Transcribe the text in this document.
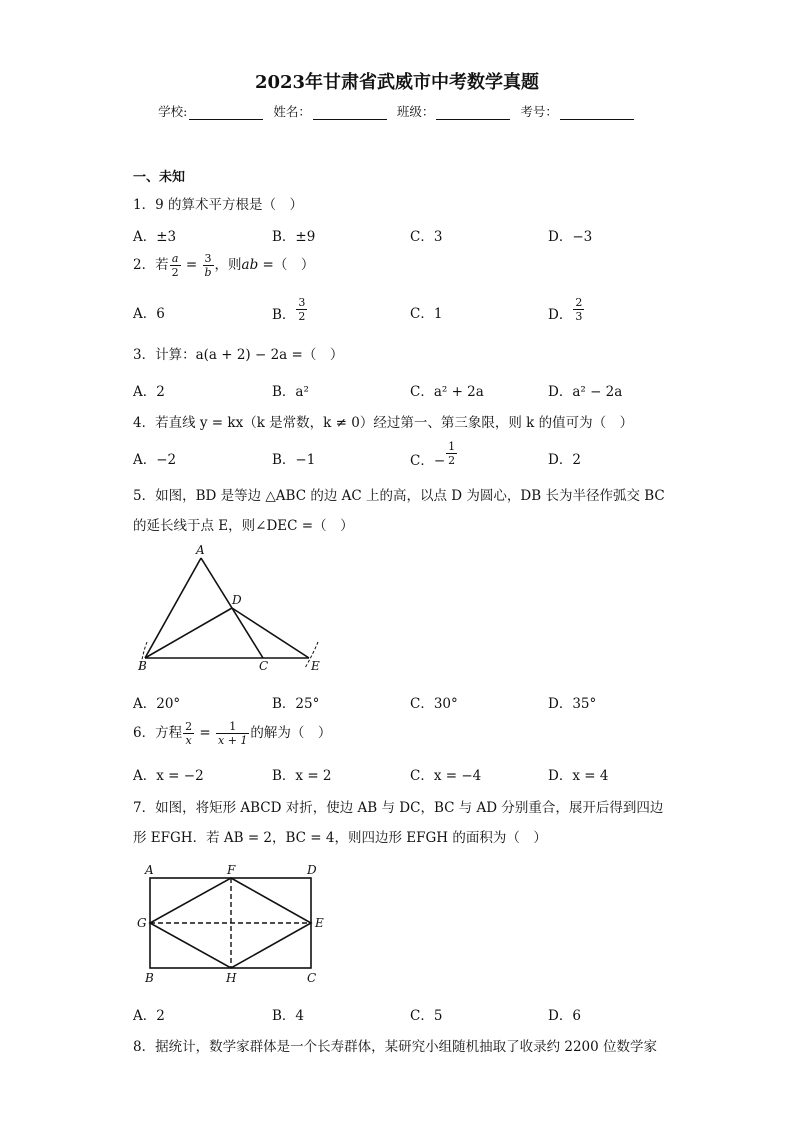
2023年甘肃省武威市中考数学真题
学校:	姓名：	班级：	考号：
一、未知
1．9 的算术平方根是（　）
A．±3	B．±9	C．3	D．−3
2．若 $\frac{a}{2} = \frac{3}{b}$ ，则ab =（　）
A．6	B． $\frac{3}{2}$	C．1	D． $\frac{2}{3}$
3．计算：a(a + 2) − 2a =（　）
A．2	B．a²	C．a² + 2a	D．a² − 2a
4．若直线 y = kx（k 是常数，k ≠ 0）经过第一、第三象限，则 k 的值可为（　）
A．−2	B．−1	C．− $\frac{1}{2}$	D．2
5．如图，BD 是等边 △ABC 的边 AC 上的高，以点 D 为圆心，DB 长为半径作弧交 BC
的延长线于点 E，则∠DEC =（　）
A
B	C
D
E
A．20°	B．25°	C．30°	D．35°
6．方程 $\frac{2}{x} = \frac{1}{x + 1}$ 的解为（　）
A．x = −2	B．x = 2	C．x = −4	D．x = 4
7．如图，将矩形 ABCD 对折，使边 AB 与 DC，BC 与 AD 分别重合，展开后得到四边
形 EFGH．若 AB = 2，BC = 4，则四边形 EFGH 的面积为（　）
A
B	C
D
E
F
G
H
A．2	B．4	C．5	D．6
8．据统计，数学家群体是一个长寿群体，某研究小组随机抽取了收录约 2200 位数学家
